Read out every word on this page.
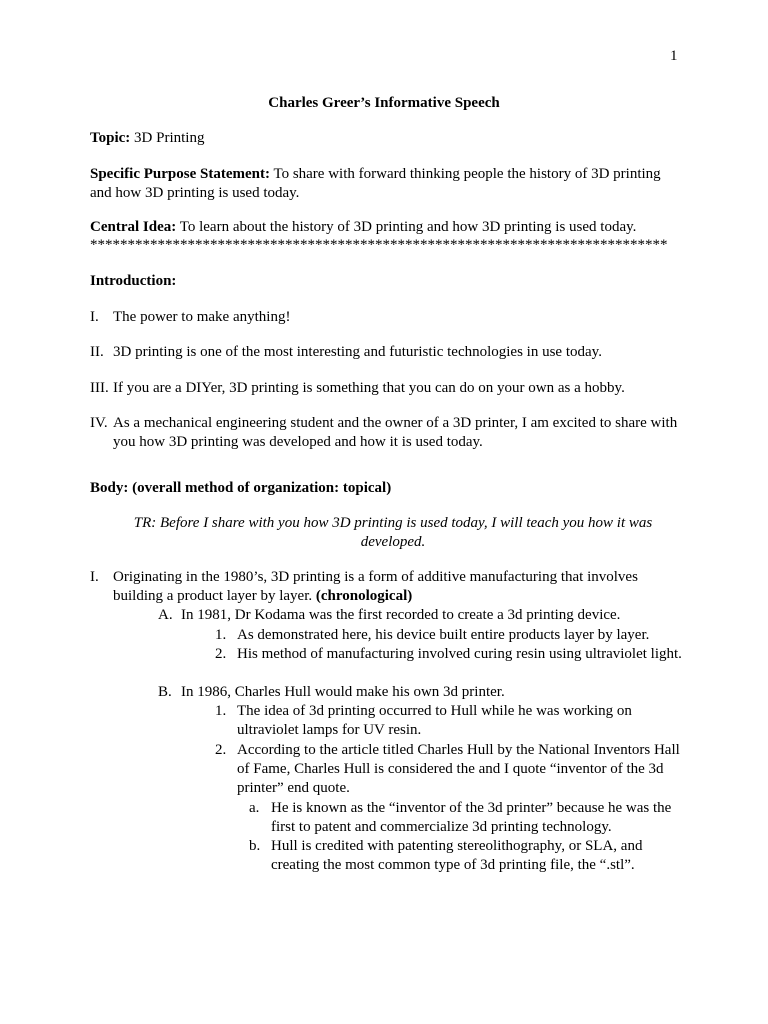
1
Charles Greer’s Informative Speech
Topic: 3D Printing
Specific Purpose Statement: To share with forward thinking people the history of 3D printing and how 3D printing is used today.
Central Idea: To learn about the history of 3D printing and how 3D printing is used today.
*****************************************************************************
Introduction:
I. The power to make anything!
II. 3D printing is one of the most interesting and futuristic technologies in use today.
III. If you are a DIYer, 3D printing is something that you can do on your own as a hobby.
IV. As a mechanical engineering student and the owner of a 3D printer, I am excited to share with you how 3D printing was developed and how it is used today.
Body: (overall method of organization: topical)
TR: Before I share with you how 3D printing is used today, I will teach you how it was developed.
I. Originating in the 1980’s, 3D printing is a form of additive manufacturing that involves building a product layer by layer. (chronological)
A. In 1981, Dr Kodama was the first recorded to create a 3d printing device.
1. As demonstrated here, his device built entire products layer by layer.
2. His method of manufacturing involved curing resin using ultraviolet light.
B. In 1986, Charles Hull would make his own 3d printer.
1. The idea of 3d printing occurred to Hull while he was working on ultraviolet lamps for UV resin.
2. According to the article titled Charles Hull by the National Inventors Hall of Fame, Charles Hull is considered the and I quote “inventor of the 3d printer” end quote.
a. He is known as the “inventor of the 3d printer” because he was the first to patent and commercialize 3d printing technology.
b. Hull is credited with patenting stereolithography, or SLA, and creating the most common type of 3d printing file, the “.stl”.
